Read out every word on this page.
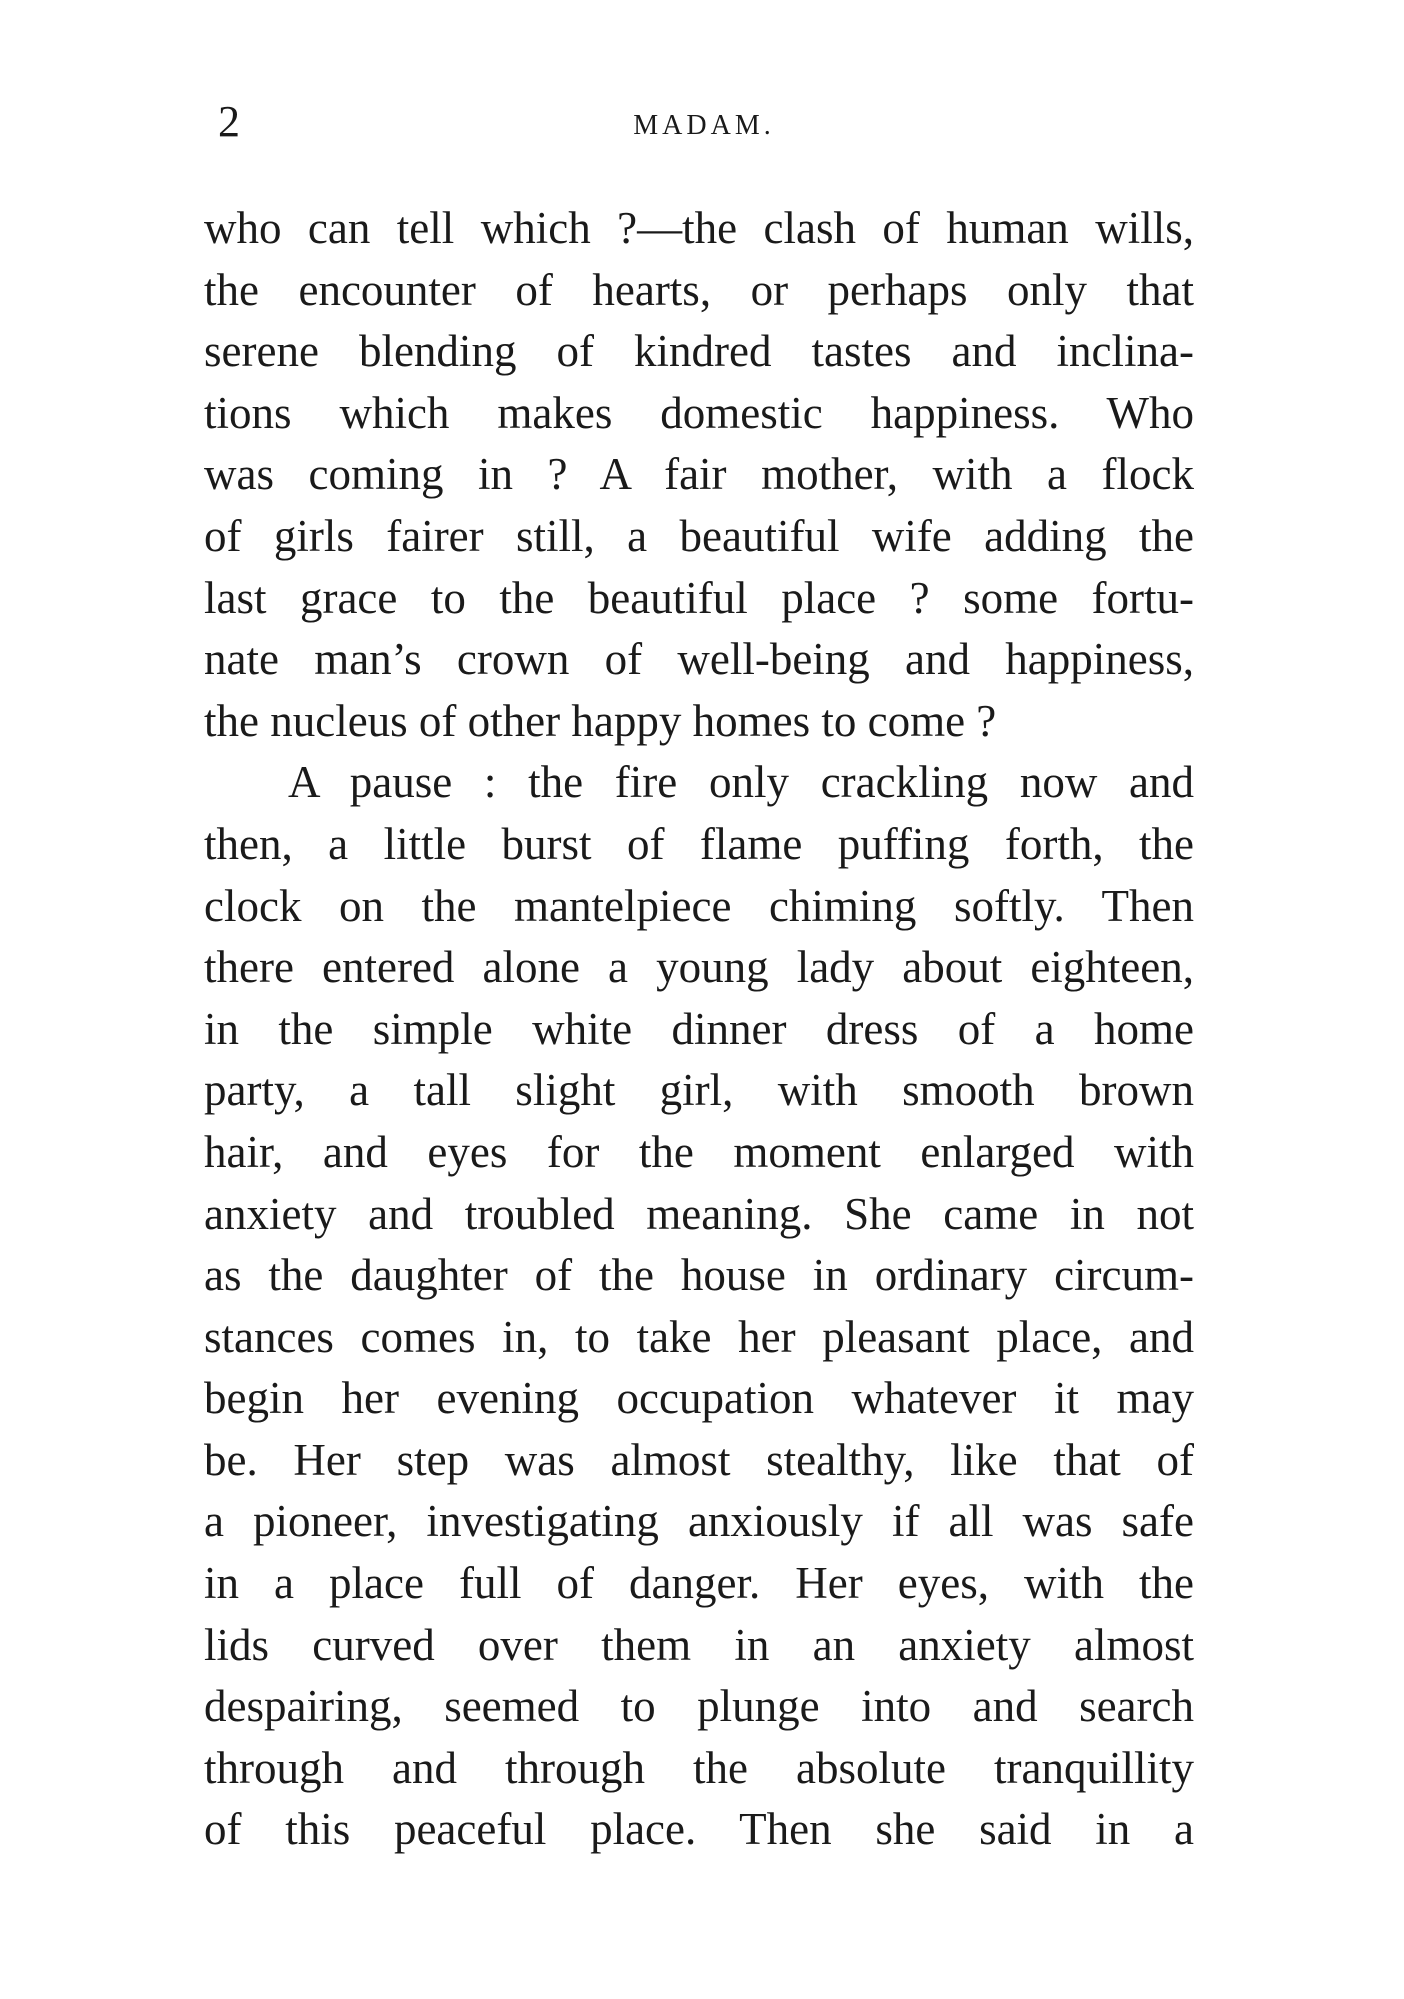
2	MADAM.
who can tell which ?—the clash of human wills,
the encounter of hearts, or perhaps only that
serene blending of kindred tastes and inclina-
tions which makes domestic happiness. Who
was coming in ? A fair mother, with a flock
of girls fairer still, a beautiful wife adding the
last grace to the beautiful place ? some fortu-
nate man’s crown of well-being and happiness,
the nucleus of other happy homes to come ?
A pause : the fire only crackling now and
then, a little burst of flame puffing forth, the
clock on the mantelpiece chiming softly. Then
there entered alone a young lady about eighteen,
in the simple white dinner dress of a home
party, a tall slight girl, with smooth brown
hair, and eyes for the moment enlarged with
anxiety and troubled meaning. She came in not
as the daughter of the house in ordinary circum-
stances comes in, to take her pleasant place, and
begin her evening occupation whatever it may
be. Her step was almost stealthy, like that of
a pioneer, investigating anxiously if all was safe
in a place full of danger. Her eyes, with the
lids curved over them in an anxiety almost
despairing, seemed to plunge into and search
through and through the absolute tranquillity
of this peaceful place. Then she said in a
